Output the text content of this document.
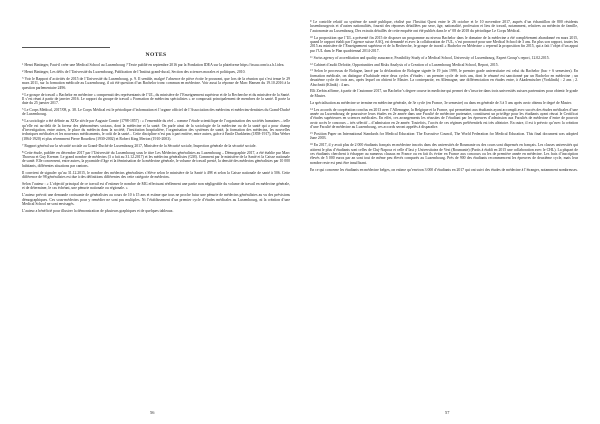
NOTES

$^1$ Henri Bintinger, Faut-il créer une Medical School au Luxembourg ? Texte publié en septembre 2016 par la Fondation IDEA sur la plateforme https://issuu.com/a.s.b.l.idea.

$^2$ Henri Bintinger, Les défis de l’Université du Luxembourg, Publication de l’Institut grand-ducal, Section des sciences morales et politiques, 2010.

$^3$ Voir le Rapport d’activités de 2015 de l’Université du Luxembourg, p. 9. Il semble, malgré l’absence de pièce écrite le prouvant, que lors de la réunion qui s’est tenue le 29 mars 2011, sur la formation médicale au Luxembourg, il ait été question d’un Bachelor tronc commun en médecine. Voir aussi la réponse de Marc Hansen du 19.10.2016 à la question parlementaire 2496.

$^4$ Le groupe de travail « Bachelor en médecine » comprenait des représentants de l’UL, du ministère de l’Enseignement supérieur et de la Recherche et du ministère de la Santé. Il s’est réuni à partir de janvier 2016. Le rapport du groupe de travail « Formation de médecins spécialistes » se composait principalement de membres de la santé. Il porte la date du 25 janvier 2017.

$^5$ Le Corps Médical, 2017/08, p. 38. Le Corps Médical est le périodique d’information et l’organe officiel de l’Association des médecins et médecins-dentistes du Grand-Duché de Luxembourg.

$^6$ La sociologie a été définie au XIXe siècle par Auguste Comte (1798-1857) : « l’ensemble du réel – comme l’étude scientifique de l’organisation des sociétés humaines – telle qu’elle est au-delà de la faveur des phénomènes sociaux, dont la médecine et la santé. On parle ainsi de la sociologie de la médecine ou de la santé qui a pour champ d’investigation, entre autres, le place du médecin dans la société, l’institution hospitalière, l’organisation des systèmes de santé, la formation des médecins, les nouvelles techniques médicales et les nouveaux médicaments, le coût de la santé... Cette discipline n’est pas à part entière, entre autres, grâce à Émile Durkheim (1858-1917), Max Weber (1864-1920) et plus récemment Pierre Bourdieu (1930-2002) et Robert King Merton (1910-2003).

$^7$ Rapport général sur la sécurité sociale au Grand-Duché de Luxembourg 2017, Ministère de la Sécurité sociale, Inspection générale de la sécurité sociale.

$^8$ Cette étude, publiée en décembre 2017 par l’Université du Luxembourg sous le titre Les Médecins généralistes au Luxembourg – Démographie 2017, a été établie par Marc Thoreau et Guy Kremer. Le grand nombre de médecins (3 a fait au 31.12.2017) et les médecins généralistes (GM). Comment par le ministère de la Santé et la Caisse nationale de santé. Elle concernent, entre autres, la pyramide d’âge et la féminisation de la médecine générale, le volume de travail presté, la densité des médecins généralistes par 10 000 habitants, différentes situations par cantons.

Il convient de signaler qu’au 31.12.2015, le nombre des médecins généralistes s’élève selon le ministère de la Santé à 498 et selon la Caisse nationale de santé à 506. Cette différence de 98 généralistes est due à des définitions différentes des cette catégorie de médecins.

Selon l’auteur : « L’objectif principal de ce travail est d’estimer le nombre de MG effectuant réellement une partie non négligeable du volume de travail en médecine générale, et de déterminer, le cas échéant, une pénurie nationale ou régionale. »

L’auteur prévoit une demande croissante de généralistes au cours de 10 à 15 ans et estime que tous ne proche futur une pénurie de médecins généralistes au vu des prévisions démographiques. Ces sous-médecins pour y remédier ne sont pas multiples. Ni l’établissement d’un premier cycle d’études médicales au Luxembourg, ni la création d’une Medical School ne sont envisagés.

L’auteur a bénéficié pour illustrer la démonstration de plusieurs graphiques et de quelques tableaux.

56

$^9$ Le contrôle relatif au système de santé publique, réalisé par l’Institut Quest entre le 26 octobre et le 10 novembre 2017, auprès d’un échantillon de 800 résidents luxembourgeois et d’autres nationalités, fournit des réponses détaillées par sexe, âge, nationalité, profession et lieu de travail, notamment, relatives au médecin de famille, l’autonomie au Luxembourg. Des extraits détaillés de cette enquête ont été publiés dans le n° 08 de 2018 du périodique Le Corps Médical.

$^{10}$ La proposition que l’UL a présenté fin 2015 de disposer un programme au niveau Bachelor dans le domaine de la médecine a été complètement abandonné en mars 2015, quand le rapport établi par l’agence suisse AAQ, est demandé et avec la collaboration de l’UL, s’est prononcé pour une Medical School de 3 ans. En plus son rapport, toutes les 2015 au ministère de l’Enseignement supérieur et de la Recherche, le groupe de travail « Bachelor en Médecine » reprend la proposition fin 2015, qui a fait l’objet d’un appui par l’UL dans le Plan quadriennal 2014-2017.

$^{11}$ Swiss agency of accreditation and quality assurance, Feasibility Study of a Medical School, University of Luxembourg, Expert Group’s report, 12.02.2015.

$^{12}$ Cabinet d’audit Deloitte, Opportunities and Risks Analysis of a Creation of a Luxembourg Medical School, Report, 2015.

$^{13}$ Selon le processus de Bologne, lancé par la déclaration de Bologne signée le 19 juin 1999, le premier grade universitaire est celui du Bachelor (bac + 6 semestres). En formation médicale, on distingue d’habitude entre deux cycles d’études : un premier cycle de trois ans, dont le résumé est sanctionné par un Bachelor en médecine ; un deuxième cycle de trois ans, après lequel on obtient le Master. La contrepartie, en Allemagne, une différenciation en études entre, à Akademischer (Vorklinik) : 2 ans ; 2. Abschnitt (Klinik) : 4 ans.

Elli Zerbin affirme, à partir de l’automne 2017, un Bachelor’s degree course in medicine qui permet de s’inscrire dans trois universités suisses partenaires pour obtenir le grade de Master.

La spécialisation au médecine se termine en médecine générale, de 3e cycle (en France, 3e semestre) ou dans en générale de 3 à 5 ans après avoir obtenu le degré de Master.

$^{14}$ Les accords de coopération conclus en 2013 avec l’Allemagne, la Belgique et la France, qui permettent aux étudiants ayant accompli avec succès des études médicales d’une année au Luxembourg de poursuivre leurs études en 2e année dans une Faculté de médecine partenaire, constituent un privilège pour les étudiants ayant réussi le Certificat d’études supérieures en sciences médicales. En effet, ces arrangements les réussites de l’étudiant par les épreuves d’admission aux Facultés de médecine d’entre de pouvoir avoir accès le concours – très sélectif – d’admission en 2e année. Toutefois, l’accès de ces régimes préférentiels est très aléatoire. En outre, il est à prévoir qu’avec la création d’une Faculté de médecine au Luxembourg, ces accords seront appelés à disparaître.

$^{15}$ Position Paper on International Standards for Medical Education: The Executive Council, The World Federation for Medical Education. This final document was adopted June 2003.

$^{16}$ En 2017, il y avait plus de 2 000 étudiants français en médecine inscrits dans des universités de Roumanie ou des cours sont dispensés en français. Les classes universités qui attirent le plus d’étudiants sont celles de Cluj-Napoca et celle d’Iasi y Universitatea de Vest (Roumanie) (Partis à établi en 2015 une collaboration avec le CHL). La plupart de ces étudiants cherchent à échapper au numerus clausus en France ou en fait ils éviter en France aux concours ou les de première année en médecine. Les frais d’inscription élevés de 5 000 euros par an sont tout de même peu élevés comparés au Luxembourg. Près de 900 des étudiants recommencent les épreuves de deuxième cycle, mais leur nombre reste est peut être insuffisant.

En ce qui concerne les étudiants en médecine belges, on estime qu’environ 3 000 d’étudiants en 2017 qui ont suivi des études de médecine à l’étranger, notamment nombreuses.

57
